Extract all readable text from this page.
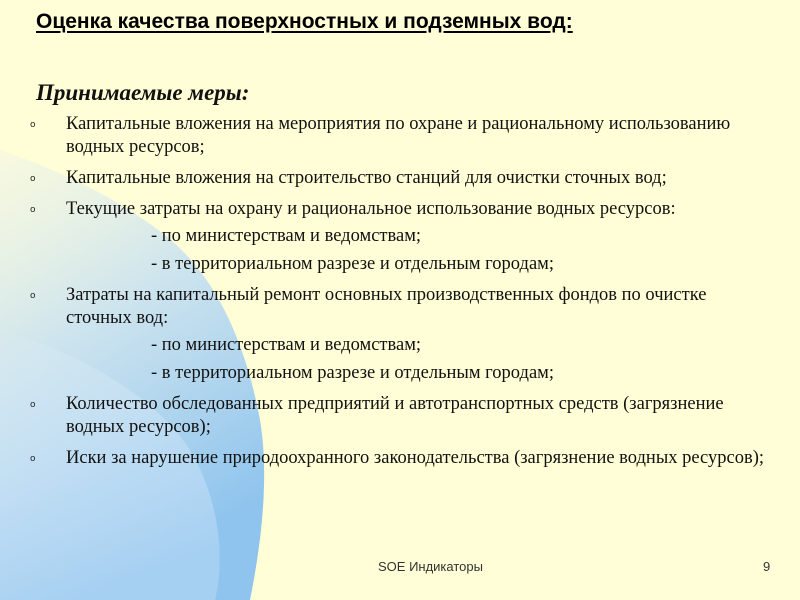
Оценка качества поверхностных и подземных вод:
Принимаемые меры:
o Капитальные вложения на мероприятия по охране и рациональному использованию водных ресурсов;
o Капитальные вложения на строительство станций для очистки сточных вод;
o Текущие затраты на охрану и рациональное использование водных ресурсов:
- по министерствам и ведомствам;
- в территориальном разрезе и отдельным городам;
o Затраты на капитальный ремонт основных производственных фондов по очистке сточных вод:
- по министерствам и ведомствам;
- в территориальном разрезе и отдельным городам;
o Количество обследованных предприятий и автотранспортных средств (загрязнение водных ресурсов);
o Иски за нарушение природоохранного законодательства (загрязнение водных ресурсов);
SOE Индикаторы	9
